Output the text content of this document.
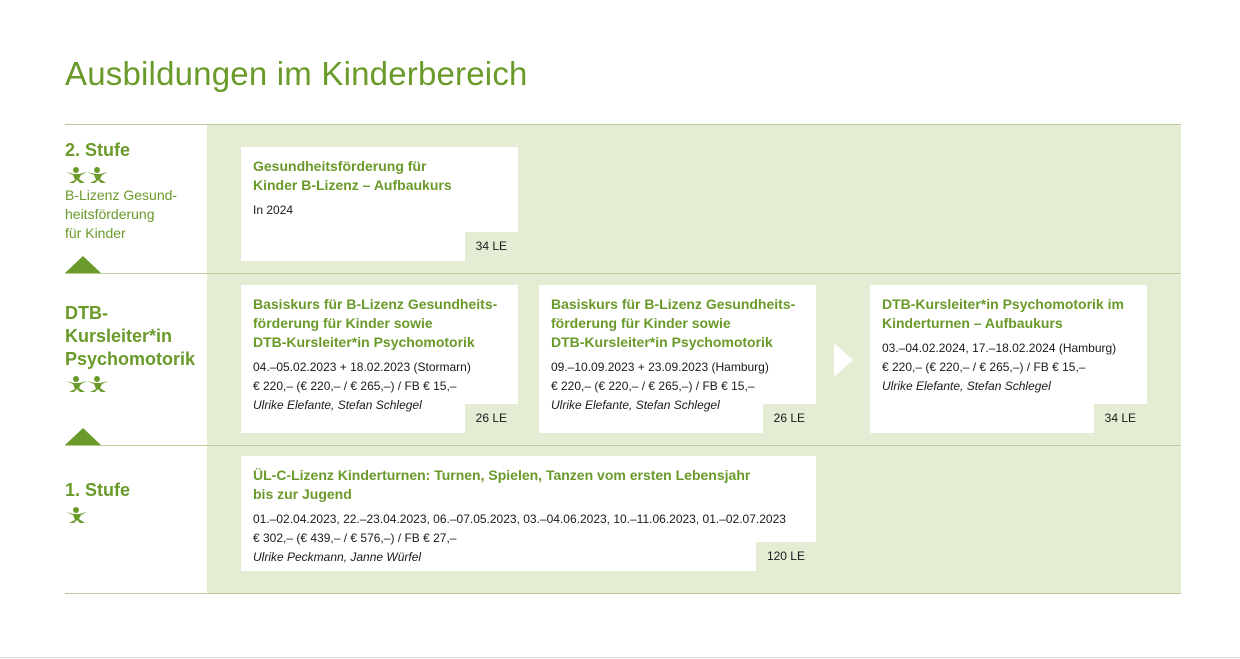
Ausbildungen im Kinderbereich
2. Stufe
B-Lizenz Gesund-
heitsförderung
für Kinder
DTB-
Kursleiter*in
Psychomotorik
1. Stufe
Gesundheitsförderung für
Kinder B-Lizenz – Aufbaukurs
In 2024
34 LE
Basiskurs für B-Lizenz Gesundheits-
förderung für Kinder sowie
DTB-Kursleiter*in Psychomotorik
04.–05.02.2023 + 18.02.2023 (Stormarn)
€ 220,– (€ 220,– / € 265,–) / FB € 15,–
Ulrike Elefante, Stefan Schlegel
26 LE
Basiskurs für B-Lizenz Gesundheits-
förderung für Kinder sowie
DTB-Kursleiter*in Psychomotorik
09.–10.09.2023 + 23.09.2023 (Hamburg)
€ 220,– (€ 220,– / € 265,–) / FB € 15,–
Ulrike Elefante, Stefan Schlegel
26 LE
DTB-Kursleiter*in Psychomotorik im
Kinderturnen – Aufbaukurs
03.–04.02.2024, 17.–18.02.2024 (Hamburg)
€ 220,– (€ 220,– / € 265,–) / FB € 15,–
Ulrike Elefante, Stefan Schlegel
34 LE
ÜL-C-Lizenz Kinderturnen: Turnen, Spielen, Tanzen vom ersten Lebensjahr
bis zur Jugend
01.–02.04.2023, 22.–23.04.2023, 06.–07.05.2023, 03.–04.06.2023, 10.–11.06.2023, 01.–02.07.2023
€ 302,– (€ 439,– / € 576,–) / FB € 27,–
Ulrike Peckmann, Janne Würfel	120 LE
